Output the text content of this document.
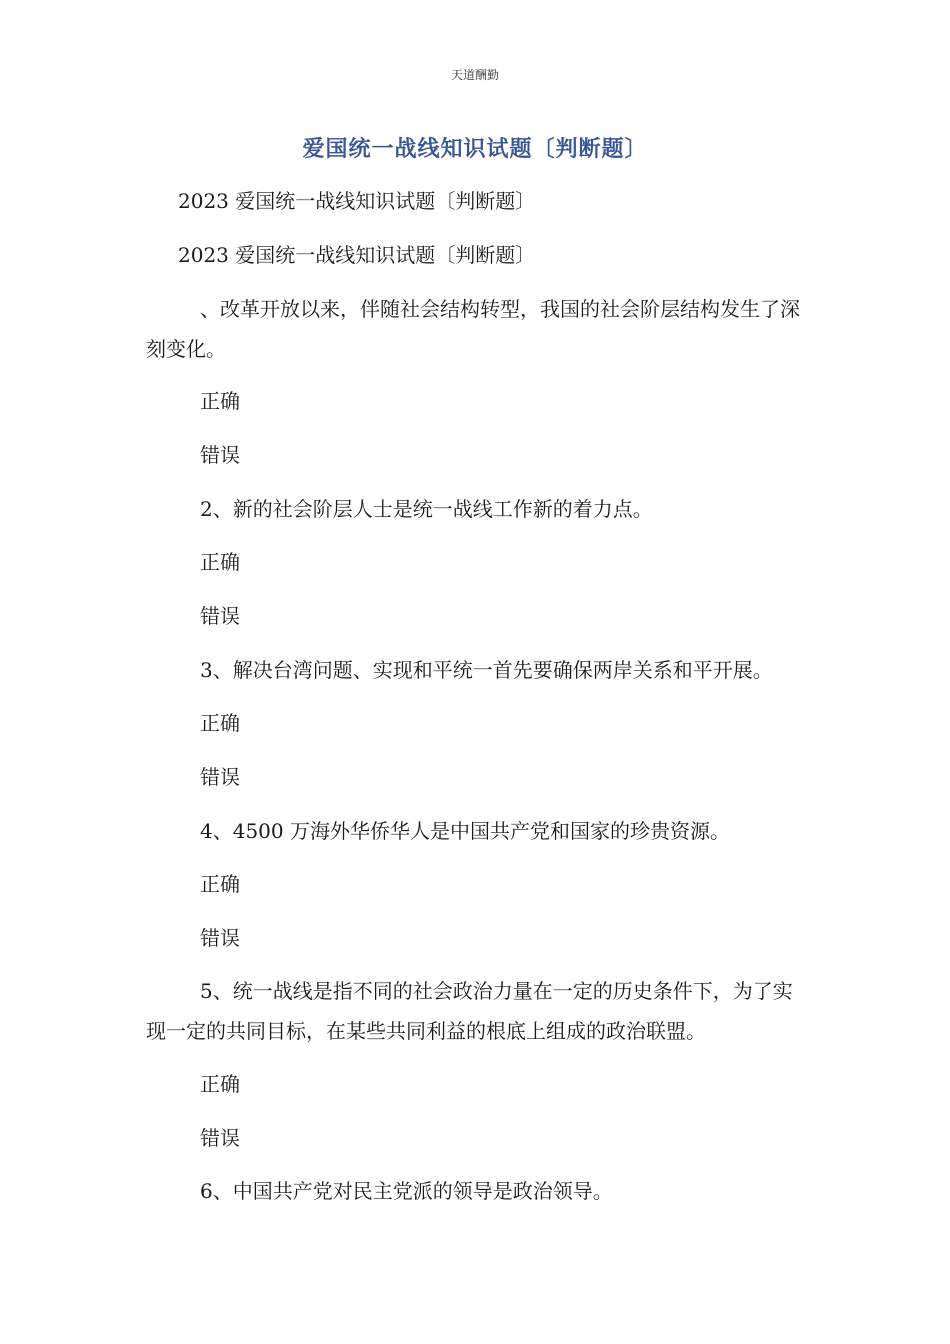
天道酬勤
爱国统一战线知识试题〔判断题〕
2023 爱国统一战线知识试题〔判断题〕
2023 爱国统一战线知识试题〔判断题〕
、改革开放以来，伴随社会结构转型，我国的社会阶层结构发生了深刻变化。
正确
错误
2、新的社会阶层人士是统一战线工作新的着力点。
正确
错误
3、解决台湾问题、实现和平统一首先要确保两岸关系和平开展。
正确
错误
4、4500 万海外华侨华人是中国共产党和国家的珍贵资源。
正确
错误
5、统一战线是指不同的社会政治力量在一定的历史条件下，为了实现一定的共同目标，在某些共同利益的根底上组成的政治联盟。
正确
错误
6、中国共产党对民主党派的领导是政治领导。
